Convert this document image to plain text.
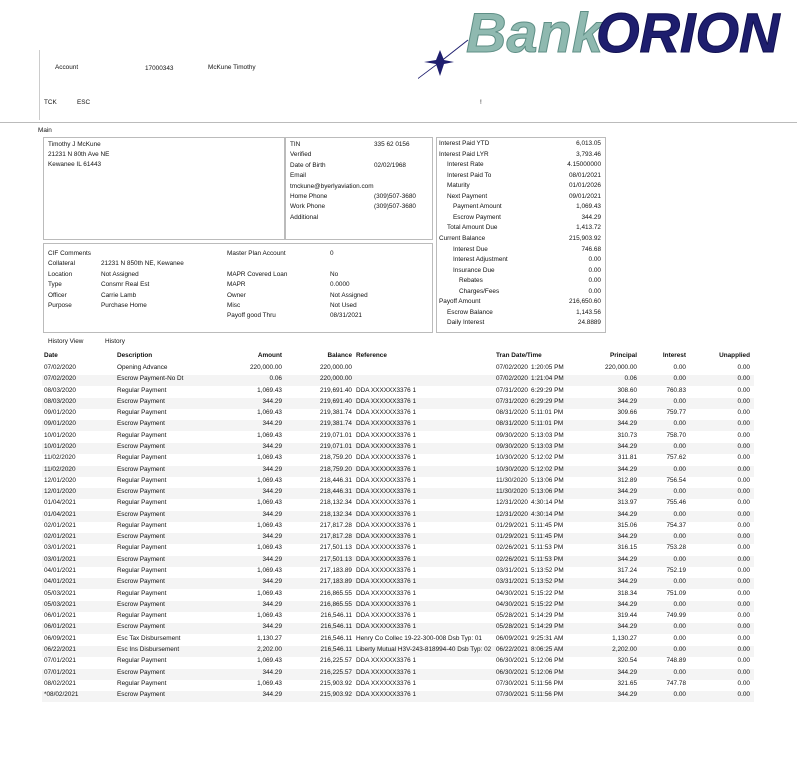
Bank
ORION
Account	17000343	McKune Timothy
TCK	ESC	!
Main
Timothy J McKune
21231 N 80th Ave NE
Kewanee IL 61443
TIN	335 62 0156
Verified
Date of Birth	02/02/1968
Email
tmckune@byerlyaviation.com
Home Phone	(309)507-3680
Work Phone	(309)507-3680
Additional
Interest Paid YTD	6,013.05
Interest Paid LYR	3,793.46
Interest Rate	4.15000000
Interest Paid To	08/01/2021
Maturity	01/01/2026
Next Payment	09/01/2021
Payment Amount	1,069.43
Escrow Payment	344.29
Total Amount Due	1,413.72
Current Balance	215,903.92
Interest Due	746.68
Interest Adjustment	0.00
Insurance Due	0.00
Rebates	0.00
Charges/Fees	0.00
Payoff Amount	216,650.60
Escrow Balance	1,143.56
Daily Interest	24.8889
CIF Comments
Collateral	21231 N 850th NE, Kewanee
Location	Not Assigned
Type	Consmr Real Est
Officer	Carrie Lamb
Purpose	Purchase Home
Master Plan Account	0
MAPR Covered Loan	No
MAPR	0.0000
Owner	Not Assigned
Misc	Not Used
Payoff good Thru	08/31/2021
History View	History
Date	Description	Amount	Balance Reference	Tran Date/Time	Principal	Interest	Unapplied
07/02/2020	Opening Advance	220,000.00	220,000.00	07/02/2020 1:20:05 PM	220,000.00	0.00	0.00
07/02/2020	Escrow Payment-No Dt	0.06	220,000.00	07/02/2020 1:21:04 PM	0.06	0.00	0.00
08/03/2020	Regular Payment	1,069.43	219,691.40 DDA XXXXXX3376 1	07/31/2020 6:29:29 PM	308.60	760.83	0.00
08/03/2020	Escrow Payment	344.29	219,691.40 DDA XXXXXX3376 1	07/31/2020 6:29:29 PM	344.29	0.00	0.00
09/01/2020	Regular Payment	1,069.43	219,381.74 DDA XXXXXX3376 1	08/31/2020 5:11:01 PM	309.66	759.77	0.00
09/01/2020	Escrow Payment	344.29	219,381.74 DDA XXXXXX3376 1	08/31/2020 5:11:01 PM	344.29	0.00	0.00
10/01/2020	Regular Payment	1,069.43	219,071.01 DDA XXXXXX3376 1	09/30/2020 5:13:03 PM	310.73	758.70	0.00
10/01/2020	Escrow Payment	344.29	219,071.01 DDA XXXXXX3376 1	09/30/2020 5:13:03 PM	344.29	0.00	0.00
11/02/2020	Regular Payment	1,069.43	218,759.20 DDA XXXXXX3376 1	10/30/2020 5:12:02 PM	311.81	757.62	0.00
11/02/2020	Escrow Payment	344.29	218,759.20 DDA XXXXXX3376 1	10/30/2020 5:12:02 PM	344.29	0.00	0.00
12/01/2020	Regular Payment	1,069.43	218,446.31 DDA XXXXXX3376 1	11/30/2020 5:13:06 PM	312.89	756.54	0.00
12/01/2020	Escrow Payment	344.29	218,446.31 DDA XXXXXX3376 1	11/30/2020 5:13:06 PM	344.29	0.00	0.00
01/04/2021	Regular Payment	1,069.43	218,132.34 DDA XXXXXX3376 1	12/31/2020 4:30:14 PM	313.97	755.46	0.00
01/04/2021	Escrow Payment	344.29	218,132.34 DDA XXXXXX3376 1	12/31/2020 4:30:14 PM	344.29	0.00	0.00
02/01/2021	Regular Payment	1,069.43	217,817.28 DDA XXXXXX3376 1	01/29/2021 5:11:45 PM	315.06	754.37	0.00
02/01/2021	Escrow Payment	344.29	217,817.28 DDA XXXXXX3376 1	01/29/2021 5:11:45 PM	344.29	0.00	0.00
03/01/2021	Regular Payment	1,069.43	217,501.13 DDA XXXXXX3376 1	02/26/2021 5:11:53 PM	316.15	753.28	0.00
03/01/2021	Escrow Payment	344.29	217,501.13 DDA XXXXXX3376 1	02/26/2021 5:11:53 PM	344.29	0.00	0.00
04/01/2021	Regular Payment	1,069.43	217,183.89 DDA XXXXXX3376 1	03/31/2021 5:13:52 PM	317.24	752.19	0.00
04/01/2021	Escrow Payment	344.29	217,183.89 DDA XXXXXX3376 1	03/31/2021 5:13:52 PM	344.29	0.00	0.00
05/03/2021	Regular Payment	1,069.43	216,865.55 DDA XXXXXX3376 1	04/30/2021 5:15:22 PM	318.34	751.09	0.00
05/03/2021	Escrow Payment	344.29	216,865.55 DDA XXXXXX3376 1	04/30/2021 5:15:22 PM	344.29	0.00	0.00
06/01/2021	Regular Payment	1,069.43	216,546.11 DDA XXXXXX3376 1	05/28/2021 5:14:29 PM	319.44	749.99	0.00
06/01/2021	Escrow Payment	344.29	216,546.11 DDA XXXXXX3376 1	05/28/2021 5:14:29 PM	344.29	0.00	0.00
06/09/2021	Esc Tax Disbursement	1,130.27	216,546.11 Henry Co Collec 19-22-300-008 Dsb Typ: 01 06/09/2021 9:25:31 AM	1,130.27	0.00	0.00
06/22/2021	Esc Ins Disbursement	2,202.00	216,546.11 Liberty Mutual H3V-243-818994-40 Dsb Typ: 02 06/22/2021 8:06:25 AM	2,202.00	0.00	0.00
07/01/2021	Regular Payment	1,069.43	216,225.57 DDA XXXXXX3376 1	06/30/2021 5:12:06 PM	320.54	748.89	0.00
07/01/2021	Escrow Payment	344.29	216,225.57 DDA XXXXXX3376 1	06/30/2021 5:12:06 PM	344.29	0.00	0.00
08/02/2021	Regular Payment	1,069.43	215,903.92 DDA XXXXXX3376 1	07/30/2021 5:11:56 PM	321.65	747.78	0.00
*08/02/2021	Escrow Payment	344.29	215,903.92 DDA XXXXXX3376 1	07/30/2021 5:11:56 PM	344.29	0.00	0.00
